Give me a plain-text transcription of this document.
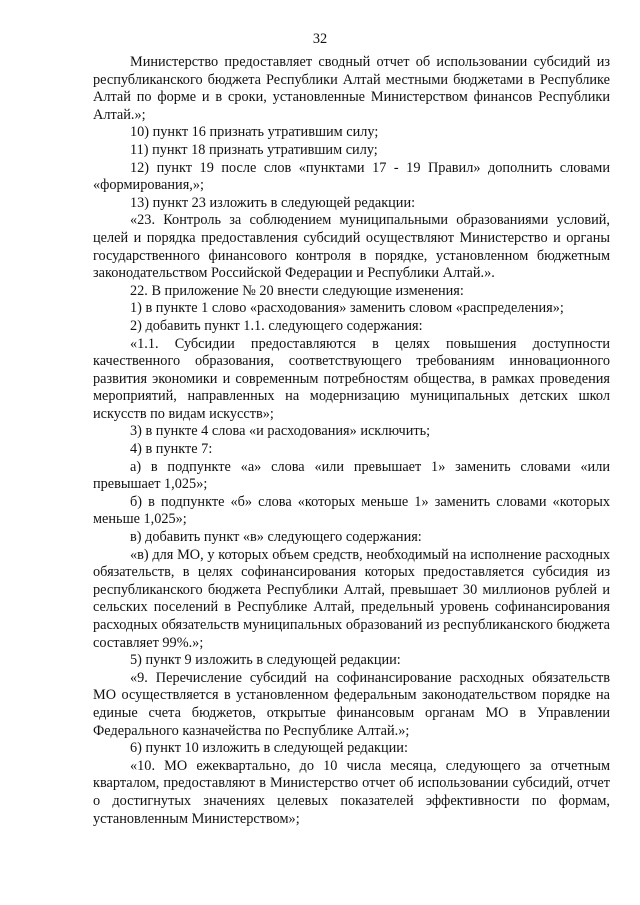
32

Министерство предоставляет сводный отчет об использовании субсидий из республиканского бюджета Республики Алтай местными бюджетами в Республике Алтай по форме и в сроки, установленные Министерством финансов Республики Алтай.»;

10) пункт 16 признать утратившим силу;

11) пункт 18 признать утратившим силу;

12) пункт 19 после слов «пунктами 17 - 19 Правил» дополнить словами «формирования,»;

13) пункт 23 изложить в следующей редакции:

«23. Контроль за соблюдением муниципальными образованиями условий, целей и порядка предоставления субсидий осуществляют Министерство и органы государственного финансового контроля в порядке, установленном бюджетным законодательством Российской Федерации и Республики Алтай.».

22. В приложение № 20 внести следующие изменения:

1) в пункте 1 слово «расходования» заменить словом «распределения»;

2) добавить пункт 1.1. следующего содержания:

«1.1. Субсидии предоставляются в целях повышения доступности качественного образования, соответствующего требованиям инновационного развития экономики и современным потребностям общества, в рамках проведения мероприятий, направленных на модернизацию муниципальных детских школ искусств по видам искусств»;

3) в пункте 4 слова «и расходования» исключить;

4) в пункте 7:

а) в подпункте «а» слова «или превышает 1» заменить словами «или превышает 1,025»;

б) в подпункте «б» слова «которых меньше 1» заменить словами «которых меньше 1,025»;

в) добавить пункт «в» следующего содержания:

«в) для МО, у которых объем средств, необходимый на исполнение расходных обязательств, в целях софинансирования которых предоставляется субсидия из республиканского бюджета Республики Алтай, превышает 30 миллионов рублей и сельских поселений в Республике Алтай, предельный уровень софинансирования расходных обязательств муниципальных образований из республиканского бюджета составляет 99%.»;

5) пункт 9 изложить в следующей редакции:

«9. Перечисление субсидий на софинансирование расходных обязательств МО осуществляется в установленном федеральным законодательством порядке на единые счета бюджетов, открытые финансовым органам МО в Управлении Федерального казначейства по Республике Алтай.»;

6) пункт 10 изложить в следующей редакции:

«10. МО ежеквартально, до 10 числа месяца, следующего за отчетным кварталом, предоставляют в Министерство отчет об использовании субсидий, отчет о достигнутых значениях целевых показателей эффективности по формам, установленным Министерством»;
